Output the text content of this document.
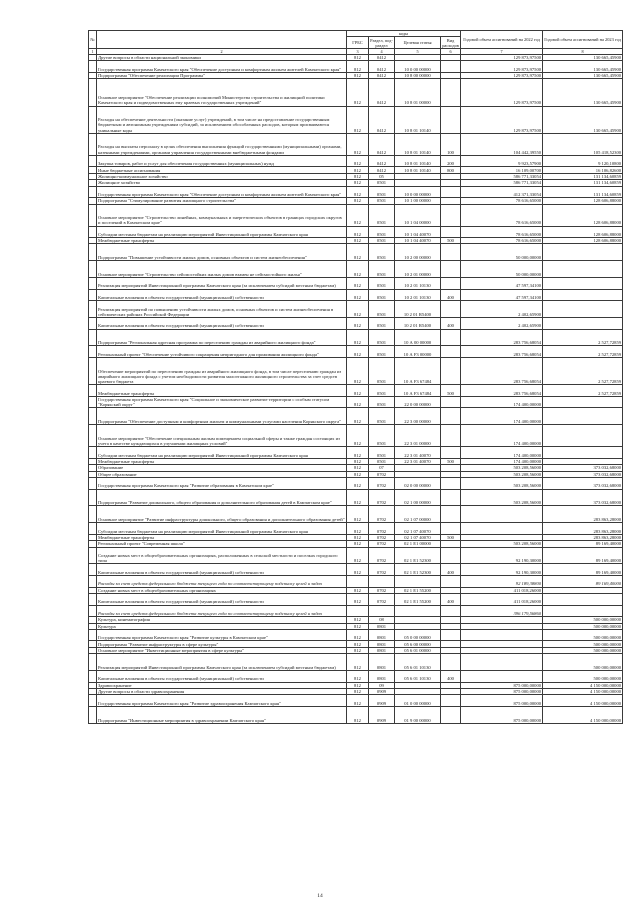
№		коды				Годовой объем ассигнований на 2022 год	Годовой объем ассигнований на 2023 год
		ГРБС	Раздел, под-раздел	Целевая статья	Вид расходов		
1	2	3	4	5	6	7	8
	Другие вопросы в области национальной экономики	812	0412			129 873,97500	130 665,45900
	Государственная программа Камчатского края "Обеспечение доступным и комфортным жильем жителей Камчатского края"	812	0412	10 0 00 00000		129 873,97500	130 665,45900
	Подпрограмма "Обеспечение реализации Программы"	812	0412	10 8 00 00000		129 873,97500	130 665,45900
	Основное мероприятие "Обеспечение реализации полномочий Министерства строительства и жилищной политики Камчатского края и подведомственных ему краевых государственных учреждений"	812	0412	10 8 01 00000		129 873,97500	130 665,45900
	Расходы на обеспечение деятельности (оказание услуг) учреждений, в том числе на предоставление государственным бюджетным и автономным учреждениям субсидий, за исключением обособленных расходов, которым присваиваются уникальные коды	812	0412	10 8 01 10140		129 873,97500	130 665,45900
	Расходы на выплаты персоналу в целях обеспечения выполнения функций государственными (муниципальными) органами, казенными учреждениями, органами управления государственными внебюджетными фондами	812	0412	10 8 01 10140	100	104 442,39550	105 418,52300
	Закупка товаров, работ и услуг для обеспечения государственных (муниципальных) нужд	812	0412	10 8 01 10140	200	9 923,57900	9 120,10800
	Иные бюджетные ассигнования	812	0412	10 8 01 10140	800	16 109,00700	16 106,82600
	Жилищно-коммунальное хозяйство	812	05			586 771,33054	131 134,60859
	Жилищное хозяйство	812	0501			586 771,33054	131 134,60859
	Государственная программа Камчатского края "Обеспечение доступным и комфортным жильем жителей Камчатского края"	812	0501	10 0 00 00000		412 371,33054	131 134,60859
	Подпрограмма "Стимулирование развития жилищного строительства"	812	0501	10 1 00 00000		78 616,65000	128 606,88000
	Основное мероприятие "Строительство линейных, коммунальных и энергетических объектов в границах городских округов и поселений в Камчатском крае"	812	0501	10 1 04 00000		78 616,65000	128 606,88000
	Субсидии местным бюджетам на реализацию мероприятий Инвестиционной программы Камчатского края	812	0501	10 1 04 40070		78 616,65000	128 606,88000
	Межбюджетные трансферты	812	0501	10 1 04 40070	500	78 616,65000	128 606,88000
	Подпрограмма "Повышение устойчивости жилых домов, основных объектов и систем жизнеобеспечения"	812	0501	10 2 00 00000		50 000,00000	
	Основное мероприятие "Строительство сейсмостойких жилых домов взамен не сейсмостойкого жилья"	812	0501	10 2 01 00000		50 000,00000	
	Реализация мероприятий Инвестиционной программы Камчатского края (за исключением субсидий местным бюджетам)	812	0501	10 2 01 10130		47 597,34100	
	Капитальные вложения в объекты государственной (муниципальной) собственности	812	0501	10 2 01 10130	400	47 597,34100	
	Реализация мероприятий по повышению устойчивости жилых домов, основных объектов и систем жизнеобеспечения в сейсмических районах Российской Федерации	812	0501	10 2 01 R5400		2 402,65900	
	Капитальные вложения в объекты государственной (муниципальной) собственности	812	0501	10 2 01 R5400	400	2 402,65900	
	Подпрограмма "Региональная адресная программа по переселению граждан из аварийного жилищного фонда"	812	0501	10 А 00 00000		283 756,68054	2 527,72859
	Региональный проект "Обеспечение устойчивого сокращения непригодного для проживания жилищного фонда"	812	0501	10 А F3 00000		283 756,68054	2 527,72859
	Обеспечение мероприятий по переселению граждан из аварийного жилищного фонда, в том числе переселению граждан из аварийного жилищного фонда с учетом необходимости развития малоэтажного жилищного строительства за счет средств краевого бюджета	812	0501	10 А F3 67484		283 756,68054	2 527,72859
	Межбюджетные трансферты	812	0501	10 А F3 67484	500	283 756,68054	2 527,72859
	Государственная программа Камчатского края "Социальное и экономическое развитие территории с особым статусом "Корякский округ"	812	0501	22 0 00 00000		174 400,00000	
	Подпрограмма "Обеспечение доступным и комфортным жильем и коммунальными услугами населения Корякского округа"	812	0501	22 3 00 00000		174 400,00000	
	Основное мероприятие "Обеспечение специальным жилым помещением социальной сферы и также граждан состоящих из учета в качестве нуждающихся в улучшении жилищных условий"	812	0501	22 3 01 00000		174 400,00000	
	Субсидии местным бюджетам на реализацию мероприятий Инвестиционной программы Камчатского края	812	0501	22 3 01 40070		174 400,00000	
	Межбюджетные трансферты	812	0501	22 3 01 40070	500	174 400,00000	
	Образование	812	07			503 208,56000	373 032,68000
	Общее образование	812	0702			503 208,56000	373 032,68000
	Государственная программа Камчатского края "Развитие образования в Камчатском крае"	812	0702	02 0 00 00000		503 208,56000	373 032,68000
	Подпрограмма "Развитие дошкольного, общего образования и дополнительного образования детей в Камчатском крае"	812	0702	02 1 00 00000		503 208,56000	373 032,68000
	Основное мероприятие "Развитие инфраструктуры дошкольного, общего образования и дополнительного образования детей"	812	0702	02 1 07 00000			283 863,28000
	Субсидии местным бюджетам на реализацию мероприятий Инвестиционной программы Камчатского края	812	0702	02 1 07 40070			283 863,28000
	Межбюджетные трансферты	812	0702	02 1 07 40070	500		283 863,28000
	Региональный проект "Современная школа"	812	0702	02 1 Е1 00000		503 208,56000	89 169,40000
	Создание новых мест в общеобразовательных организациях, расположенных в сельской местности и поселках городского типа	812	0702	02 1 Е1 52300		92 190,30000	89 169,40000
	Капитальные вложения в объекты государственной (муниципальной) собственности	812	0702	02 1 Е1 52300	400	92 190,30000	89 169,40000
	Расходы за счет средств федерального бюджета текущего года по соответствующему подсписку целей и задач					92 189,38800	89 169,40000
	Создание новых мест в общеобразовательных организациях	812	0702	02 1 Е1 55200		411 018,26000	
	Капитальные вложения в объекты государственной (муниципальной) собственности	812	0702	02 1 Е1 55200	400	411 018,26000	
	Расходы за счет средств федерального бюджета текущего года по соответствующему подсписку целей и задач					396 179,56860	
	Культура, кинематография	812	08				500 000,00000
	Культура	812	0801				500 000,00000
	Государственная программа Камчатского края "Развитие культуры в Камчатском крае"	812	0801	05 0 00 00000			500 000,00000
	Подпрограмма "Развитие инфраструктуры в сфере культуры"	812	0801	05 6 00 00000			500 000,00000
	Основное мероприятие "Инвестиционные мероприятия в сфере культуры"	812	0801	05 6 01 00000			500 000,00000
	Реализация мероприятий Инвестиционной программы Камчатского края (за исключением субсидий местным бюджетам)	812	0801	05 6 01 10130			500 000,00000
	Капитальные вложения в объекты государственной (муниципальной) собственности	812	0801	05 6 01 10130	400		500 000,00000
	Здравоохранение	812	09			875 000,00000	4 150 000,00000
	Другие вопросы в области здравоохранения	812	0909			875 000,00000	4 150 000,00000
	Государственная программа Камчатского края "Развитие здравоохранения Камчатского края"	812	0909	01 0 00 00000		875 000,00000	4 150 000,00000
	Подпрограмма "Инвестиционные мероприятия в здравоохранении Камчатского края"	812	0909	01 9 00 00000		875 000,00000	4 150 000,00000
14
